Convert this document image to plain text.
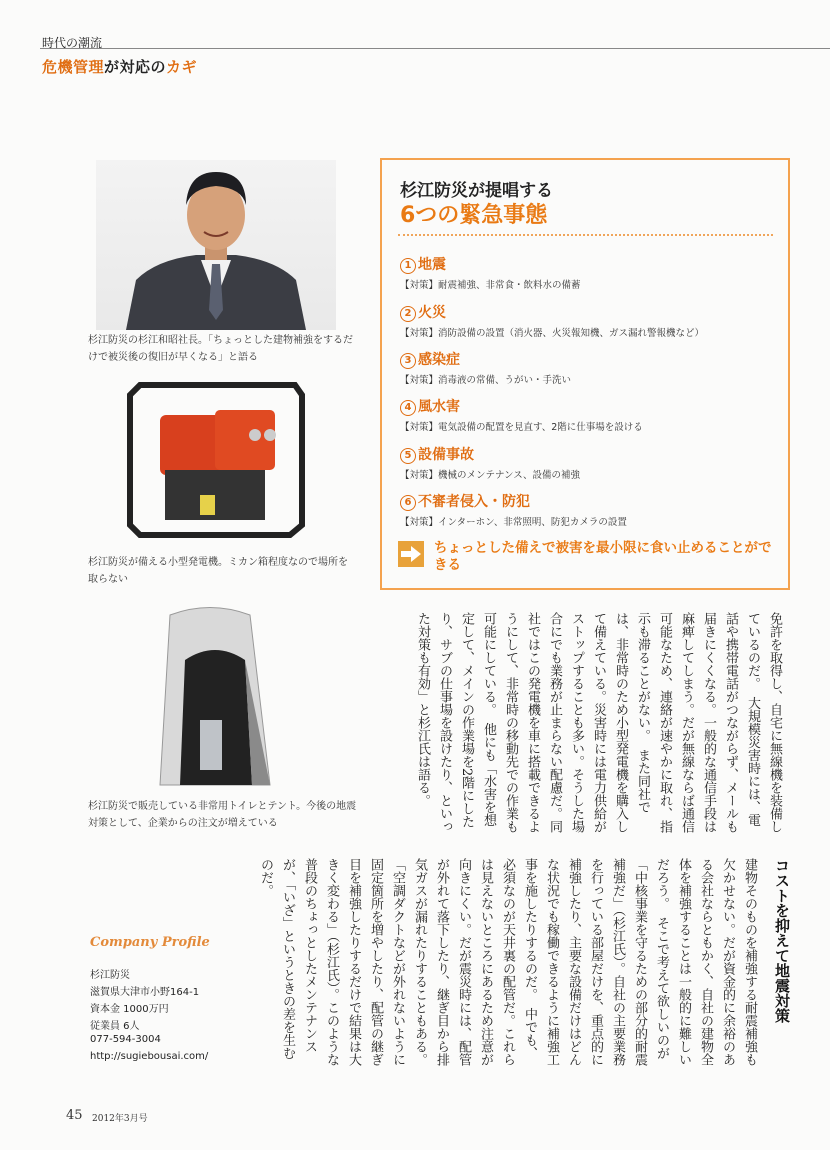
時代の潮流
危機管理が対応のカギ
杉江防災の杉江和昭社長。「ちょっとした建物補強をするだ
けで被災後の復旧が早くなる」と語る
杉江防災が備える小型発電機。ミカン箱程度なので場所を
取らない
杉江防災で販売している非常用トイレとテント。今後の地震
対策として、企業からの注文が増えている
杉江防災が提唱する
6つの緊急事態
1 地震
【対策】耐震補強、非常食・飲料水の備蓄
2 火災
【対策】消防設備の設置（消火器、火災報知機、ガス漏れ警報機など）
3 感染症
【対策】消毒液の常備、うがい・手洗い
4 風水害
【対策】電気設備の配置を見直す、2階に仕事場を設ける
5 設備事故
【対策】機械のメンテナンス、設備の補強
6 不審者侵入・防犯
【対策】インターホン、非常照明、防犯カメラの設置
ちょっとした備えで被害を最小限に食い止めることができる
免許を取得し、自宅に無線機を装備しているのだ。　大規模災害時には、電話や携帯電話がつながらず、メールも届きにくくなる。一般的な通信手段は麻痺してしまう。だが無線ならば通信可能なため、連絡が速やかに取れ、指示も滞ることがない。　また同社では、非常時のため小型発電機を購入して備えている。災害時には電力供給がストップすることも多い。そうした場合にでも業務が止まらない配慮だ。同社ではこの発電機を車に搭載できるようにして、非常時の移動先での作業も可能にしている。　他にも「水害を想定して、メインの作業場を2階にしたり、サブの仕事場を設けたり、といった対策も有効」と杉江氏は語る。
コストを抑えて地震対策
建物そのものを補強する耐震補強も欠かせない。だが資金的に余裕のある会社ならともかく、自社の建物全体を補強することは一般的に難しいだろう。　そこで考えて欲しいのが「中核事業を守るための部分的耐震補強だ」（杉江氏）。自社の主要業務を行っている部屋だけを、重点的に補強したり、主要な設備だけはどんな状況でも稼働できるように補強工事を施したりするのだ。　中でも、必須なのが天井裏の配管だ。これらは見えないところにあるため注意が向きにくい。だが震災時には、配管が外れて落下したり、継ぎ目から排気ガスが漏れたりすることもある。「空調ダクトなどが外れないように固定箇所を増やしたり、配管の継ぎ目を補強したりするだけで結果は大きく変わる」（杉江氏）。このような普段のちょっとしたメンテナンスが、「いざ」というときの差を生むのだ。
Company Profile
杉江防災
滋賀県大津市小野164-1
資本金 1000万円
従業員 6人
077-594-3004
http://sugiebousai.com/
45 2012年3月号
